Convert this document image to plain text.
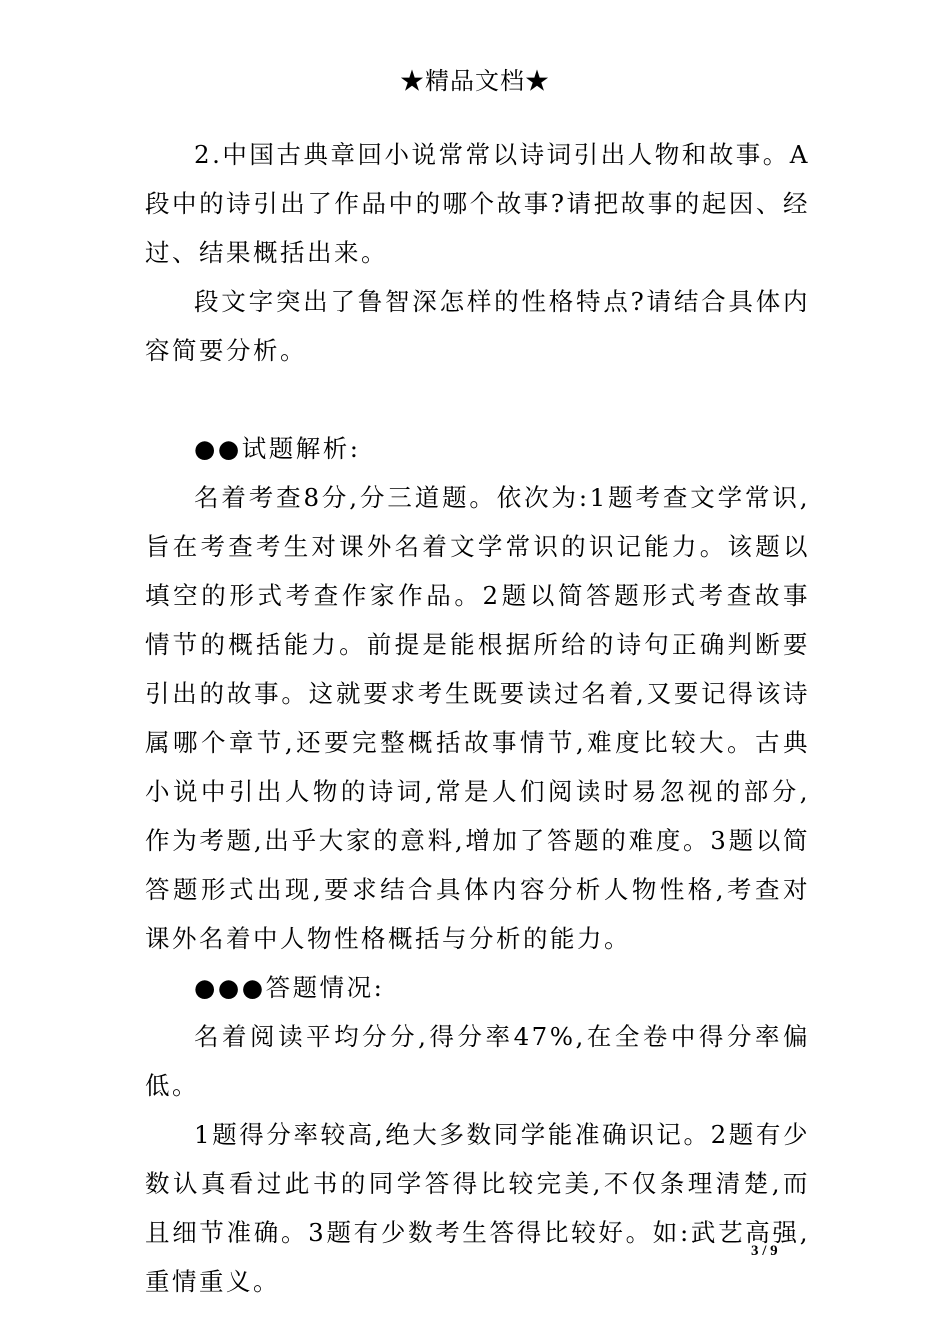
★精品文档★

2.中国古典章回小说常常以诗词引出人物和故事。A段中的诗引出了作品中的哪个故事?请把故事的起因、经过、结果概括出来。

段文字突出了鲁智深怎样的性格特点?请结合具体内容简要分析。

●●试题解析:

名着考查8分,分三道题。依次为:1题考查文学常识,旨在考查考生对课外名着文学常识的识记能力。该题以填空的形式考查作家作品。2题以简答题形式考查故事情节的概括能力。前提是能根据所给的诗句正确判断要引出的故事。这就要求考生既要读过名着,又要记得该诗属哪个章节,还要完整概括故事情节,难度比较大。古典小说中引出人物的诗词,常是人们阅读时易忽视的部分,作为考题,出乎大家的意料,增加了答题的难度。3题以简答题形式出现,要求结合具体内容分析人物性格,考查对课外名着中人物性格概括与分析的能力。

●●●答题情况:

名着阅读平均分分,得分率47%,在全卷中得分率偏低。

1题得分率较高,绝大多数同学能准确识记。2题有少数认真看过此书的同学答得比较完美,不仅条理清楚,而且细节准确。3题有少数考生答得比较好。如:武艺高强,重情重义。

3 / 9
